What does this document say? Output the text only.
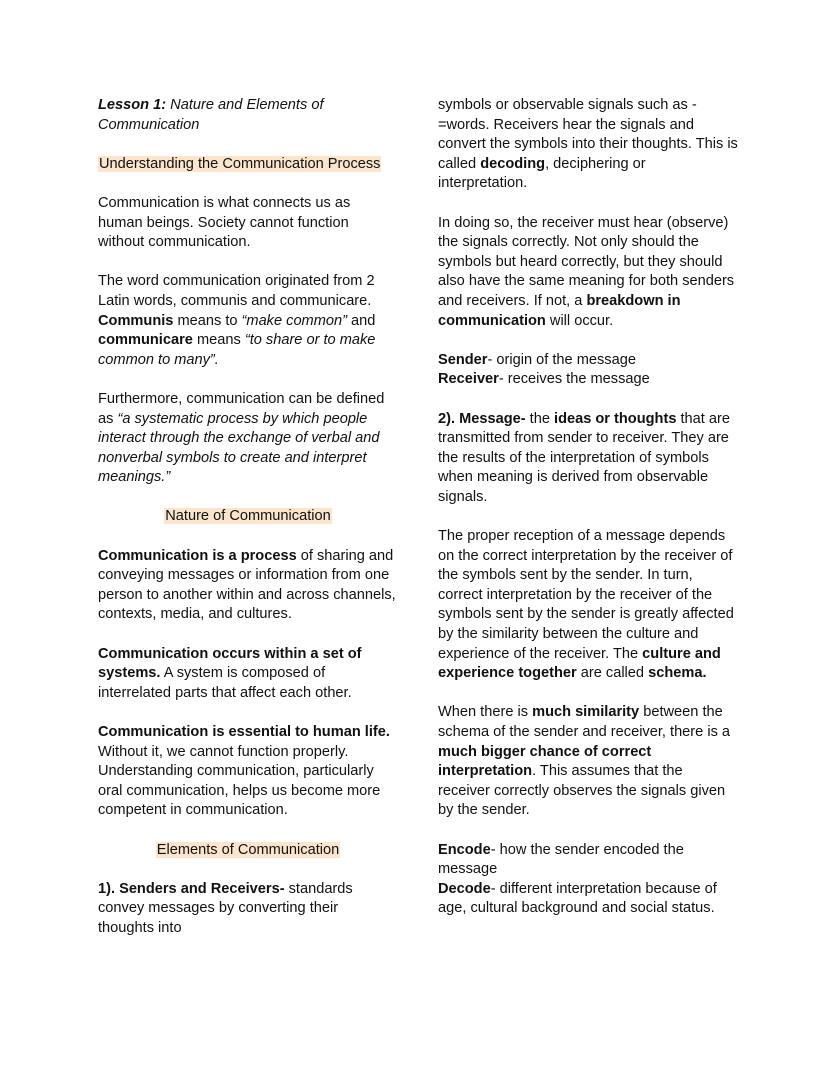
Lesson 1: Nature and Elements of Communication

Understanding the Communication Process

Communication is what connects us as human beings. Society cannot function without communication.

The word communication originated from 2 Latin words, communis and communicare. Communis means to “make common” and communicare means “to share or to make common to many”.

Furthermore, communication can be defined as “a systematic process by which people interact through the exchange of verbal and nonverbal symbols to create and interpret meanings.”

Nature of Communication

Communication is a process of sharing and conveying messages or information from one person to another within and across channels, contexts, media, and cultures.

Communication occurs within a set of systems. A system is composed of interrelated parts that affect each other.

Communication is essential to human life. Without it, we cannot function properly. Understanding communication, particularly oral communication, helps us become more competent in communication.

Elements of Communication

1). Senders and Receivers- standards convey messages by converting their thoughts into

symbols or observable signals such as -=words. Receivers hear the signals and convert the symbols into their thoughts. This is called decoding, deciphering or interpretation.

In doing so, the receiver must hear (observe) the signals correctly. Not only should the symbols but heard correctly, but they should also have the same meaning for both senders and receivers. If not, a breakdown in communication will occur.

Sender- origin of the message
Receiver- receives the message

2). Message- the ideas or thoughts that are transmitted from sender to receiver. They are the results of the interpretation of symbols when meaning is derived from observable signals.

The proper reception of a message depends on the correct interpretation by the receiver of the symbols sent by the sender. In turn, correct interpretation by the receiver of the symbols sent by the sender is greatly affected by the similarity between the culture and experience of the receiver. The culture and experience together are called schema.

When there is much similarity between the schema of the sender and receiver, there is a much bigger chance of correct interpretation. This assumes that the receiver correctly observes the signals given by the sender.

Encode- how the sender encoded the message
Decode- different interpretation because of age, cultural background and social status.
